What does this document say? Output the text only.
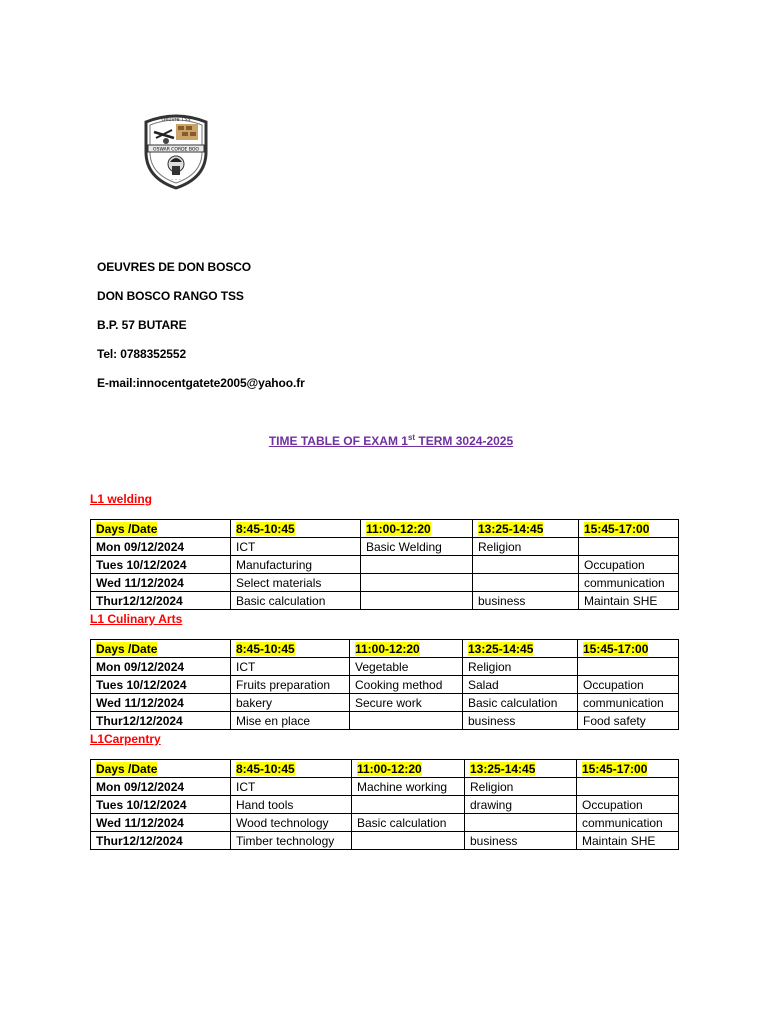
Oeuvre TSS
OSWAR CORDE BOO
~ ~ ~
OEUVRES DE DON BOSCO
DON BOSCO RANGO TSS
B.P. 57 BUTARE
Tel: 0788352552
E-mail:innocentgatete2005@yahoo.fr
TIME TABLE OF EXAM 1st TERM 3024-2025
L1 welding
Days /Date	8:45-10:45	11:00-12:20	13:25-14:45	15:45-17:00
Mon 09/12/2024	ICT	Basic Welding	Religion	
Tues 10/12/2024	Manufacturing			Occupation
Wed 11/12/2024	Select materials			communication
Thur12/12/2024	Basic calculation		business	Maintain SHE
L1 Culinary Arts
Days /Date	8:45-10:45	11:00-12:20	13:25-14:45	15:45-17:00
Mon 09/12/2024	ICT	Vegetable	Religion	
Tues 10/12/2024	Fruits preparation	Cooking method	Salad	Occupation
Wed 11/12/2024	bakery	Secure work	Basic calculation	communication
Thur12/12/2024	Mise en place		business	Food safety
L1Carpentry
Days /Date	8:45-10:45	11:00-12:20	13:25-14:45	15:45-17:00
Mon 09/12/2024	ICT	Machine working	Religion	
Tues 10/12/2024	Hand tools		drawing	Occupation
Wed 11/12/2024	Wood technology	Basic calculation		communication
Thur12/12/2024	Timber technology		business	Maintain SHE
